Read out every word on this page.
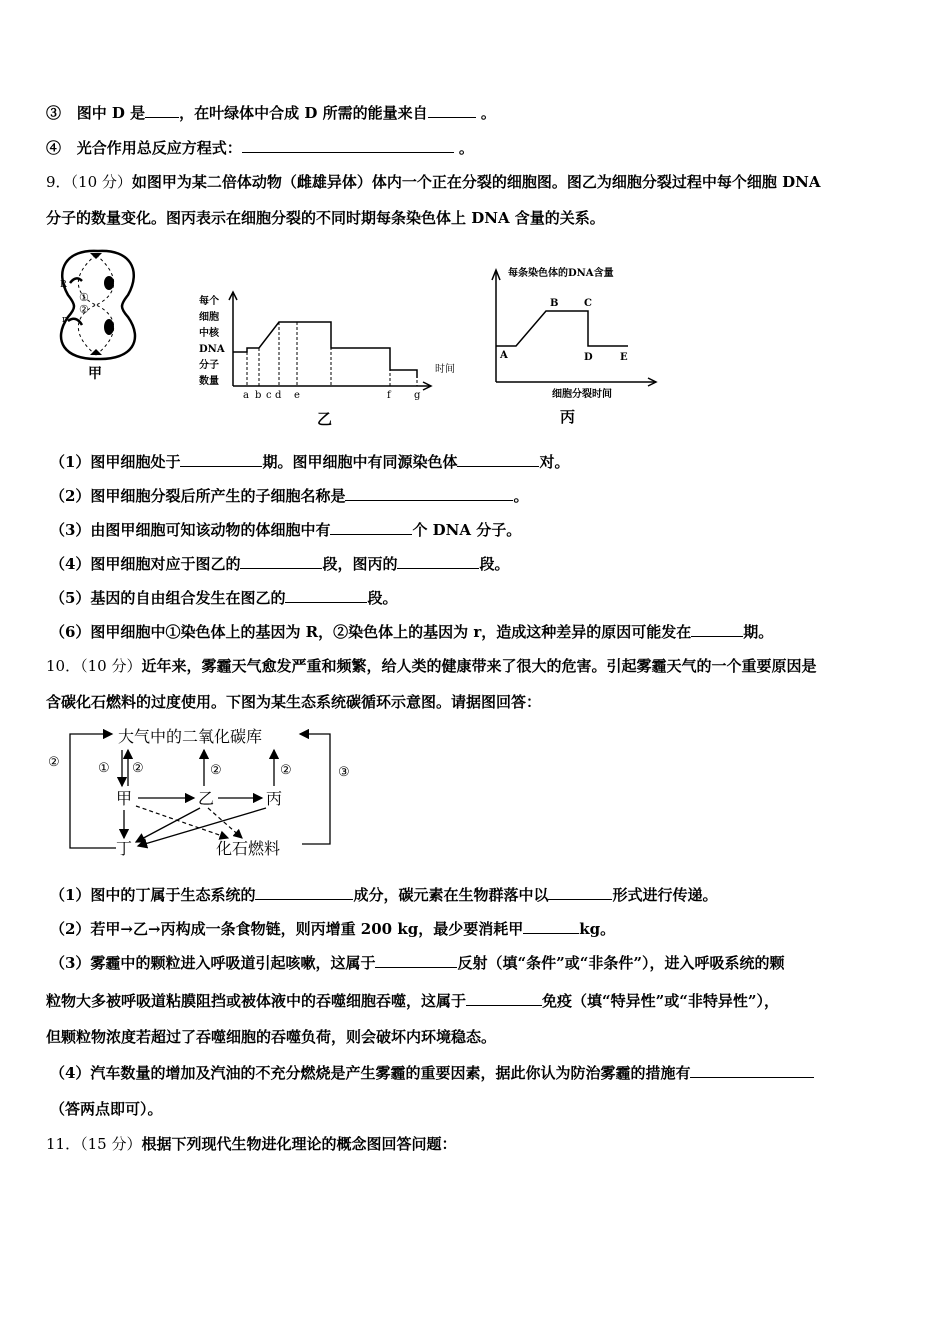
③ 图中 D 是 ，在叶绿体中合成 D 所需的能量来自	。
④ 光合作用总反应方程式：	。
9．（10 分）如图甲为某二倍体动物（雌雄异体）体内一个正在分裂的细胞图。图乙为细胞分裂过程中每个细胞 DNA
分子的数量变化。图丙表示在细胞分裂的不同时期每条染色体上 DNA 含量的关系。
R
①
②
r
甲
每个
细胞
中核
DNA
分子
数量
a b c d e	f g
时间
乙
每条染色体的DNA含量
A
B	C
D	E
细胞分裂时间
丙
（1）图甲细胞处于	期。图甲细胞中有同源染色体	对。
（2）图甲细胞分裂后所产生的子细胞名称是	。
（3）由图甲细胞可知该动物的体细胞中有	个 DNA 分子。
（4）图甲细胞对应于图乙的	段，图丙的	段。
（5）基因的自由组合发生在图乙的	段。
（6）图甲细胞中①染色体上的基因为 R，②染色体上的基因为 r，造成这种差异的原因可能发在	期。
10．（10 分）近年来，雾霾天气愈发严重和频繁，给人类的健康带来了很大的危害。引起雾霾天气的一个重要原因是
含碳化石燃料的过度使用。下图为某生态系统碳循环示意图。请据图回答：
大气中的二氧化碳库
甲	乙	丙
丁	化石燃料
②	① ②	②	②	③
（1）图中的丁属于生态系统的	成分，碳元素在生物群落中以	形式进行传递。
（2）若甲→乙→丙构成一条食物链，则丙增重 200 kg，最少要消耗甲	kg。
（3）雾霾中的颗粒进入呼吸道引起咳嗽，这属于	反射（填“条件”或“非条件”），进入呼吸系统的颗
粒物大多被呼吸道粘膜阻挡或被体液中的吞噬细胞吞噬，这属于	免疫（填“特异性”或“非特异性”），
但颗粒物浓度若超过了吞噬细胞的吞噬负荷，则会破坏内环境稳态。
（4）汽车数量的增加及汽油的不充分燃烧是产生雾霾的重要因素，据此你认为防治雾霾的措施有
（答两点即可）。
11．（15 分）根据下列现代生物进化理论的概念图回答问题：
